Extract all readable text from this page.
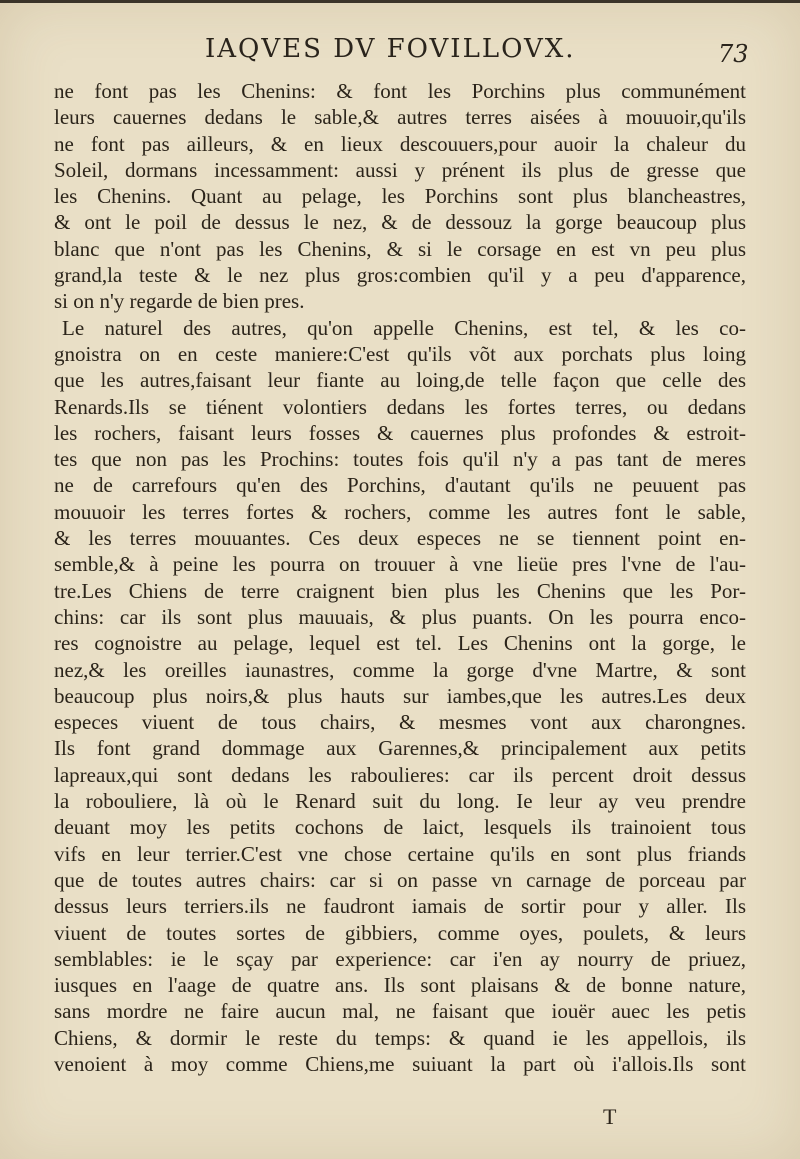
IAQVES DV FOVILLOVX.	73
ne font pas les Chenins: & font les Porchins plus communément
leurs cauernes dedans le sable,& autres terres aisées à mouuoir,qu'ils
ne font pas ailleurs, & en lieux descouuers,pour auoir la chaleur du
Soleil, dormans incessamment: aussi y prénent ils plus de gresse que
les Chenins. Quant au pelage, les Porchins sont plus blancheastres,
& ont le poil de dessus le nez, & de dessouz la gorge beaucoup plus
blanc que n'ont pas les Chenins, & si le corsage en est vn peu plus
grand,la teste & le nez plus gros:combien qu'il y a peu d'apparence,
si on n'y regarde de bien pres.
Le naturel des autres, qu'on appelle Chenins, est tel, & les co-
gnoistra on en ceste maniere:C'est qu'ils võt aux porchats plus loing
que les autres,faisant leur fiante au loing,de telle façon que celle des
Renards.Ils se tiénent volontiers dedans les fortes terres, ou dedans
les rochers, faisant leurs fosses & cauernes plus profondes & estroit-
tes que non pas les Prochins: toutes fois qu'il n'y a pas tant de meres
ne de carrefours qu'en des Porchins, d'autant qu'ils ne peuuent pas
mouuoir les terres fortes & rochers, comme les autres font le sable,
& les terres mouuantes. Ces deux especes ne se tiennent point en-
semble,& à peine les pourra on trouuer à vne lieüe pres l'vne de l'au-
tre.Les Chiens de terre craignent bien plus les Chenins que les Por-
chins: car ils sont plus mauuais, & plus puants. On les pourra enco-
res cognoistre au pelage, lequel est tel. Les Chenins ont la gorge, le
nez,& les oreilles iaunastres, comme la gorge d'vne Martre, & sont
beaucoup plus noirs,& plus hauts sur iambes,que les autres.Les deux
especes viuent de tous chairs, & mesmes vont aux charongnes.
Ils font grand dommage aux Garennes,& principalement aux petits
lapreaux,qui sont dedans les raboulieres: car ils percent droit dessus
la robouliere, là où le Renard suit du long. Ie leur ay veu prendre
deuant moy les petits cochons de laict, lesquels ils trainoient tous
vifs en leur terrier.C'est vne chose certaine qu'ils en sont plus friands
que de toutes autres chairs: car si on passe vn carnage de porceau par
dessus leurs terriers.ils ne faudront iamais de sortir pour y aller. Ils
viuent de toutes sortes de gibbiers, comme oyes, poulets, & leurs
semblables: ie le sçay par experience: car i'en ay nourry de priuez,
iusques en l'aage de quatre ans. Ils sont plaisans & de bonne nature,
sans mordre ne faire aucun mal, ne faisant que iouër auec les petis
Chiens, & dormir le reste du temps: & quand ie les appellois, ils
venoient à moy comme Chiens,me suiuant la part où i'allois.Ils sont
T
